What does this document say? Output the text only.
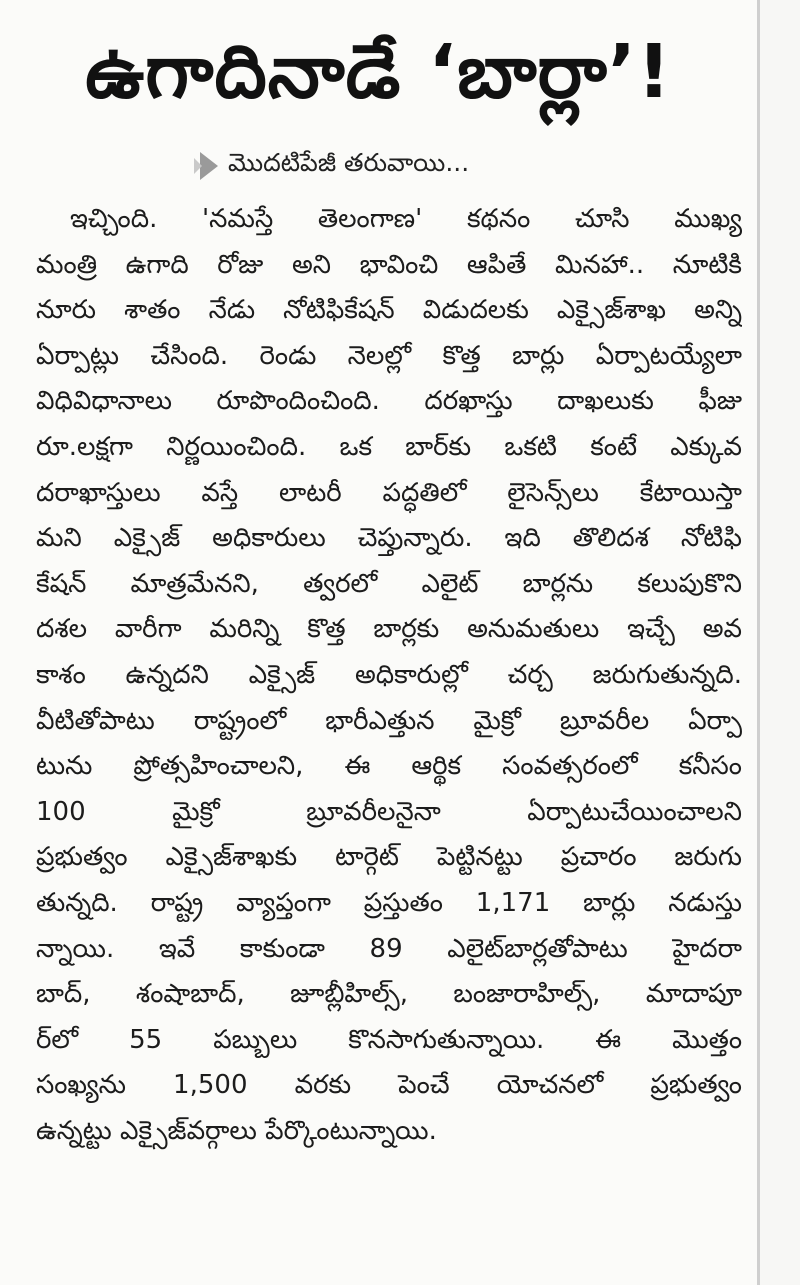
ఉగాదినాడే ‘బార్లా’!
మొదటిపేజీ తరువాయి...
ఇచ్చింది. 'నమస్తే తెలంగాణ' కథనం చూసి ముఖ్య
మంత్రి ఉగాది రోజు అని భావించి ఆపితే మినహా.. నూటికి
నూరు శాతం నేడు నోటిఫికేషన్ విడుదలకు ఎక్సైజ్‌శాఖ అన్ని
ఏర్పాట్లు చేసింది. రెండు నెలల్లో కొత్త బార్లు ఏర్పాటయ్యేలా
విధివిధానాలు రూపొందించింది. దరఖాస్తు దాఖలుకు ఫీజు
రూ.లక్షగా నిర్ణయించింది. ఒక బార్‌కు ఒకటి కంటే ఎక్కువ
దరాఖాస్తులు వస్తే లాటరీ పద్ధతిలో లైసెన్స్‌లు కేటాయిస్తా
మని ఎక్సైజ్ అధికారులు చెప్తున్నారు. ఇది తొలిదశ నోటిఫి
కేషన్ మాత్రమేనని, త్వరలో ఎలైట్ బార్లను కలుపుకొని
దశల వారీగా మరిన్ని కొత్త బార్లకు అనుమతులు ఇచ్చే అవ
కాశం ఉన్నదని ఎక్సైజ్ అధికారుల్లో చర్చ జరుగుతున్నది.
వీటితోపాటు రాష్ట్రంలో భారీఎత్తున మైక్రో బ్రూవరీల ఏర్పా
టును ప్రోత్సహించాలని, ఈ ఆర్థిక సంవత్సరంలో కనీసం
100 మైక్రో బ్రూవరీలనైనా ఏర్పాటుచేయించాలని
ప్రభుత్వం ఎక్సైజ్‌శాఖకు టార్గెట్ పెట్టినట్టు ప్రచారం జరుగు
తున్నది. రాష్ట్ర వ్యాప్తంగా ప్రస్తుతం 1,171 బార్లు నడుస్తు
న్నాయి. ఇవే కాకుండా 89 ఎలైట్‌బార్లతోపాటు హైదరా
బాద్, శంషాబాద్, జూబ్లీహిల్స్, బంజారాహిల్స్, మాదాపూ
ర్‌లో 55 పబ్బులు కొనసాగుతున్నాయి. ఈ మొత్తం
సంఖ్యను 1,500 వరకు పెంచే యోచనలో ప్రభుత్వం
ఉన్నట్టు ఎక్సైజ్‌వర్గాలు పేర్కొంటున్నాయి.
